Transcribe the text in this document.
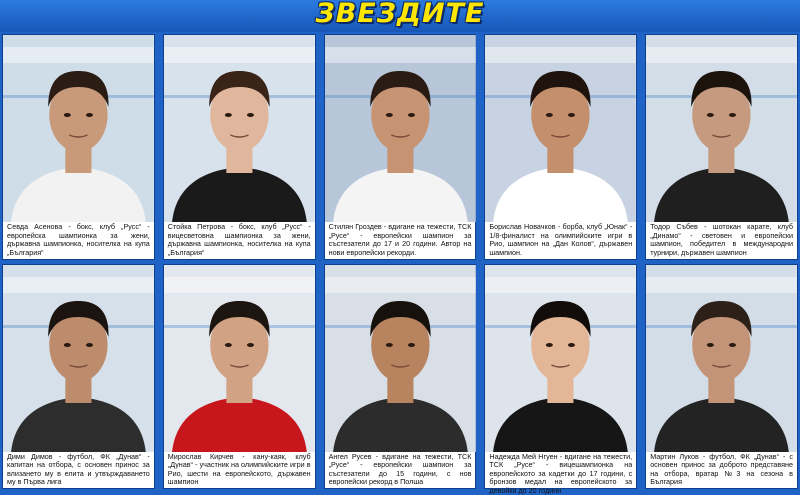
ЗВЕЗДИТЕ
Севда Асенова - бокс, клуб „Русс“ - европейска шампионка за жени, държавна шампионка, носителка на купа „България“
Стойка Петрова - бокс, клуб „Русс“ - вицесветовна шампионка за жени, държавна шампионка, носителка на купа „България“
Стилян Гроздев - вдигане на тежести, ТСК „Русе“ - европейски шампион за състезатели до 17 и 20 години. Автор на нови европейски рекорди.
Борислав Новачков - борба, клуб „Юнак“ - 1/8-финалист на олимпийските игри в Рио, шампион на „Дан Колов“, държавен шампион.
Тодор Събев - шотокан карате, клуб „Динамо“ - световен и европейски шампион, победител в международни турнири, държавен шампион
Дими Димов - футбол, ФК „Дунав“ - капитан на отбора, с основен принос за влизането му в елита и утвърждаването му в Първа лига
Мирослав Кирчев - кану-каяк, клуб „Дунав“ - участник на олимпийските игри в Рио, шести на европейското, държавен шампион
Ангел Русев - вдигане на тежести, ТСК „Русе“ - европейски шампион за състезатели до 15 години, с нов европейски рекорд в Полша
Надежда Мей Нгуен - вдигане на тежести, ТСК „Русе“ - вицешампионка на европейското за кадетки до 17 години, с бронзов медал на европейското за девойки до 20 години
Мартин Луков - футбол, ФК „Дунав“ - с основен принос за доброто представяне на отбора, вратар №3 на сезона в България
